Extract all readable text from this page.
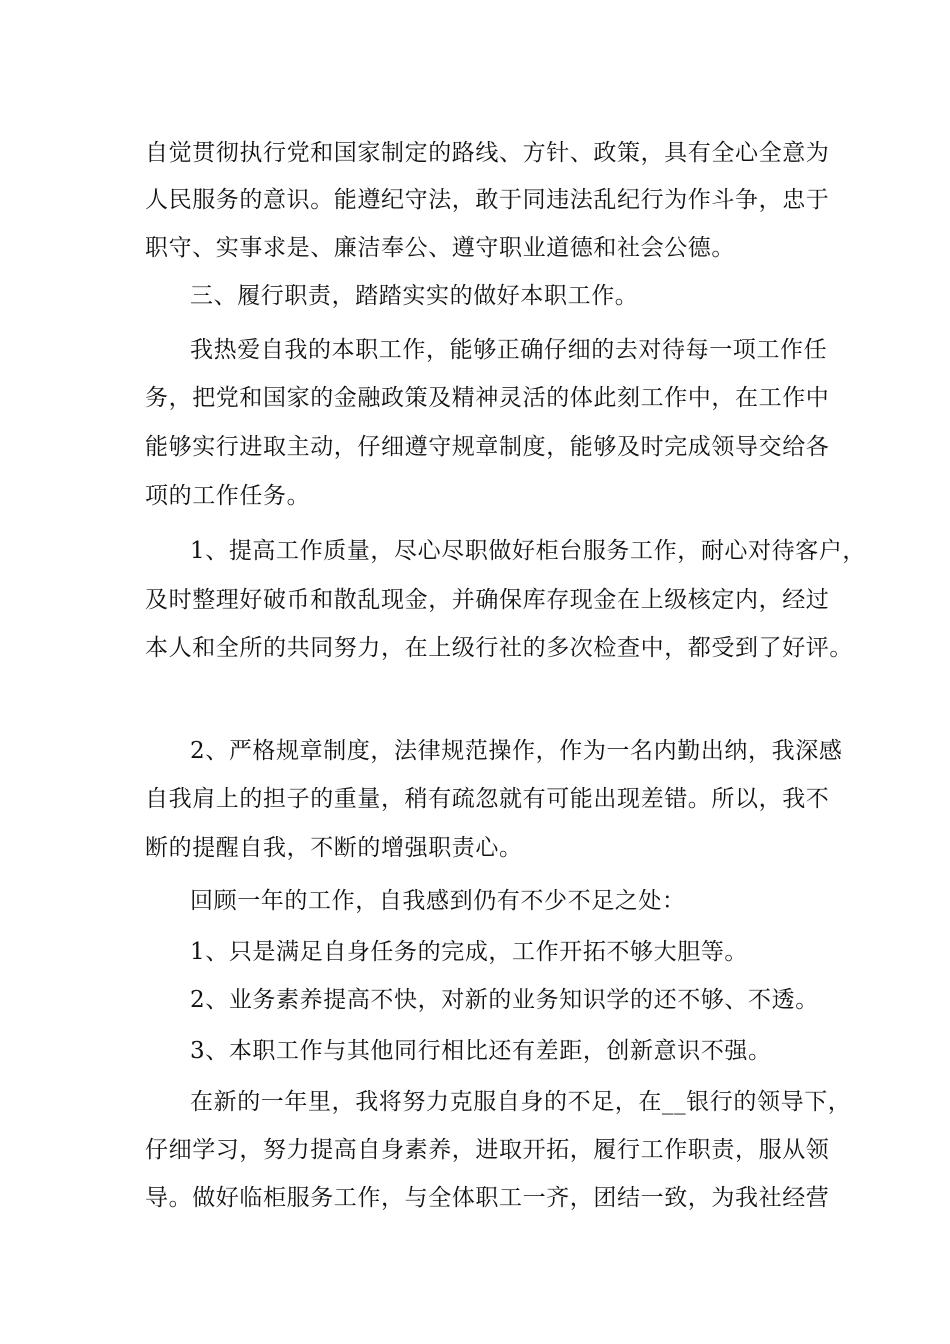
自觉贯彻执行党和国家制定的路线、方针、政策，具有全心全意为
人民服务的意识。能遵纪守法，敢于同违法乱纪行为作斗争，忠于
职守、实事求是、廉洁奉公、遵守职业道德和社会公德。
三、履行职责，踏踏实实的做好本职工作。
我热爱自我的本职工作，能够正确仔细的去对待每一项工作任
务，把党和国家的金融政策及精神灵活的体此刻工作中，在工作中
能够实行进取主动，仔细遵守规章制度，能够及时完成领导交给各
项的工作任务。
1、提高工作质量，尽心尽职做好柜台服务工作，耐心对待客户，
及时整理好破币和散乱现金，并确保库存现金在上级核定内，经过
本人和全所的共同努力，在上级行社的多次检查中，都受到了好评。
2、严格规章制度，法律规范操作，作为一名内勤出纳，我深感
自我肩上的担子的重量，稍有疏忽就有可能出现差错。所以，我不
断的提醒自我，不断的增强职责心。
回顾一年的工作，自我感到仍有不少不足之处：
1、只是满足自身任务的完成，工作开拓不够大胆等。
2、业务素养提高不快，对新的业务知识学的还不够、不透。
3、本职工作与其他同行相比还有差距，创新意识不强。
在新的一年里，我将努力克服自身的不足，在__银行的领导下，
仔细学习，努力提高自身素养，进取开拓，履行工作职责，服从领
导。做好临柜服务工作，与全体职工一齐，团结一致，为我社经营
